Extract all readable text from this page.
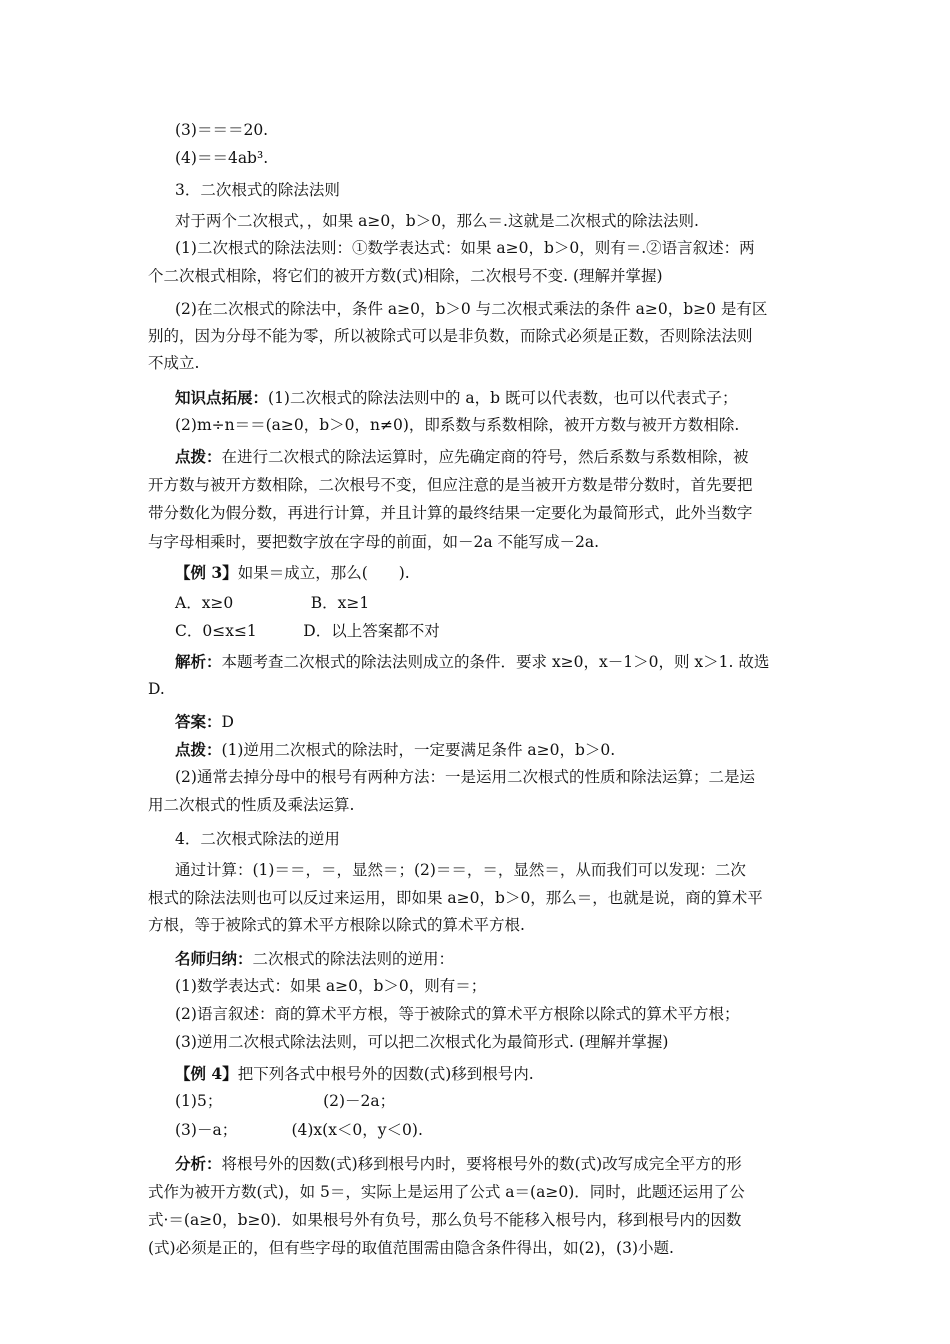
(3)＝＝＝20.
(4)＝＝4ab³.
3．二次根式的除法法则
对于两个二次根式，，如果 a≥0，b＞0，那么＝.这就是二次根式的除法法则.
(1)二次根式的除法法则：①数学表达式：如果 a≥0，b＞0，则有＝.②语言叙述：两
个二次根式相除，将它们的被开方数(式)相除，二次根号不变. (理解并掌握)
(2)在二次根式的除法中，条件 a≥0，b＞0 与二次根式乘法的条件 a≥0，b≥0 是有区
别的，因为分母不能为零，所以被除式可以是非负数，而除式必须是正数，否则除法法则
不成立.
知识点拓展：(1)二次根式的除法法则中的 a，b 既可以代表数，也可以代表式子；
(2)m÷n＝＝(a≥0，b＞0，n≠0)，即系数与系数相除，被开方数与被开方数相除.
点拨：在进行二次根式的除法运算时，应先确定商的符号，然后系数与系数相除，被
开方数与被开方数相除，二次根号不变，但应注意的是当被开方数是带分数时，首先要把
带分数化为假分数，再进行计算，并且计算的最终结果一定要化为最简形式，此外当数字
与字母相乘时，要把数字放在字母的前面，如－2a 不能写成－2a.
【例 3】如果＝成立，那么(　　).
A．x≥0　　　　　B．x≥1
C．0≤x≤1　　　D．以上答案都不对
解析：本题考查二次根式的除法法则成立的条件．要求 x≥0，x－1＞0，则 x＞1. 故选
D.
答案：D
点拨：(1)逆用二次根式的除法时，一定要满足条件 a≥0，b＞0.
(2)通常去掉分母中的根号有两种方法：一是运用二次根式的性质和除法运算；二是运
用二次根式的性质及乘法运算.
4．二次根式除法的逆用
通过计算：(1)＝＝，＝，显然＝；(2)＝＝，＝，显然＝，从而我们可以发现：二次
根式的除法法则也可以反过来运用，即如果 a≥0，b＞0，那么＝，也就是说，商的算术平
方根，等于被除式的算术平方根除以除式的算术平方根.
名师归纳：二次根式的除法法则的逆用：
(1)数学表达式：如果 a≥0，b＞0，则有＝；
(2)语言叙述：商的算术平方根，等于被除式的算术平方根除以除式的算术平方根；
(3)逆用二次根式除法法则，可以把二次根式化为最简形式. (理解并掌握)
【例 4】把下列各式中根号外的因数(式)移到根号内.
(1)5；　　　　　　　(2)－2a；
(3)－a；　　　　(4)x(x＜0，y＜0).
分析：将根号外的因数(式)移到根号内时，要将根号外的数(式)改写成完全平方的形
式作为被开方数(式)，如 5＝，实际上是运用了公式 a＝(a≥0)．同时，此题还运用了公
式·＝(a≥0，b≥0)．如果根号外有负号，那么负号不能移入根号内，移到根号内的因数
(式)必须是正的，但有些字母的取值范围需由隐含条件得出，如(2)，(3)小题.
